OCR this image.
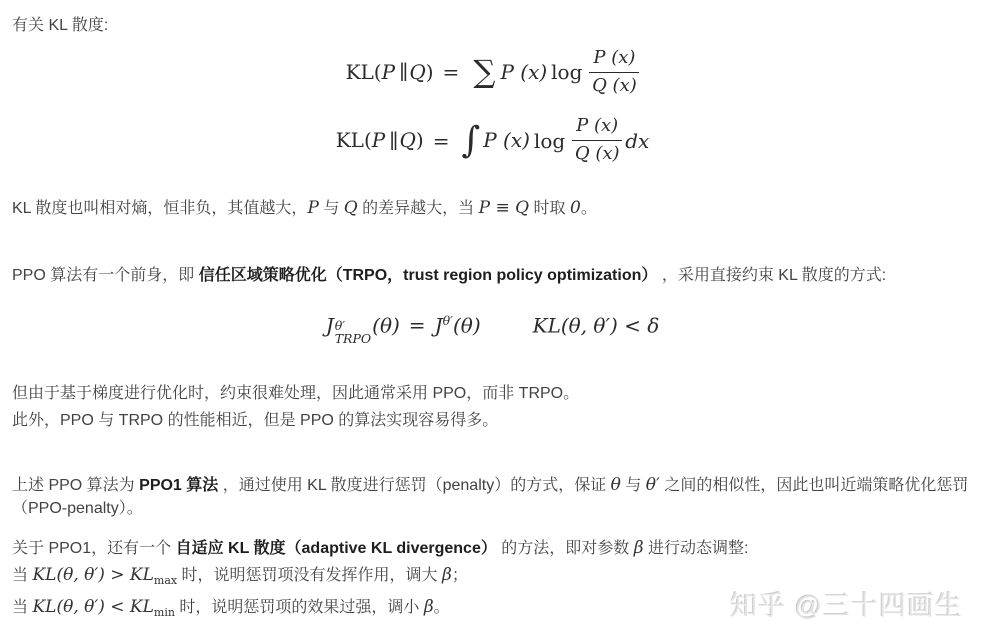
有关 KL 散度:

KL(P ∥Q) = ∑ P (x) $\log \frac{P (x)}{Q (x)}$
KL(P ∥Q) = ∫ P (x) $\log \frac{P (x)}{Q (x)}$ dx

KL 散度也叫相对熵，恒非负，其值越大，P 与 Q 的差异越大，当 P ≡ Q 时取 0。

PPO 算法有一个前身，即 信任区域策略优化（TRPO，trust region policy optimization） ，采用直接约束 KL 散度的方式:

J θ′
TRPO
$(\theta) = J^{\theta'}(\theta)$	KL(θ, θ′) < δ
但由于基于梯度进行优化时，约束很难处理，因此通常采用 PPO，而非 TRPO。
此外，PPO 与 TRPO 的性能相近，但是 PPO 的算法实现容易得多。
上述 PPO 算法为 PPO1 算法 ，通过使用 KL 散度进行惩罚（penalty）的方式，保证 θ 与 θ′ 之间的相似性，因此也叫近端策略优化惩罚
（PPO-penalty）。

关于 PPO1，还有一个 自适应 KL 散度（adaptive KL divergence） 的方法，即对参数 β 进行动态调整:

当 KL(θ, $\theta') > KL_{max}$ 时，说明惩罚项没有发挥作用，调大 β；
当 KL(θ, $\theta') < KL_{min}$ 时，说明惩罚项的效果过强，调小 β。	知乎 @三十四画生
